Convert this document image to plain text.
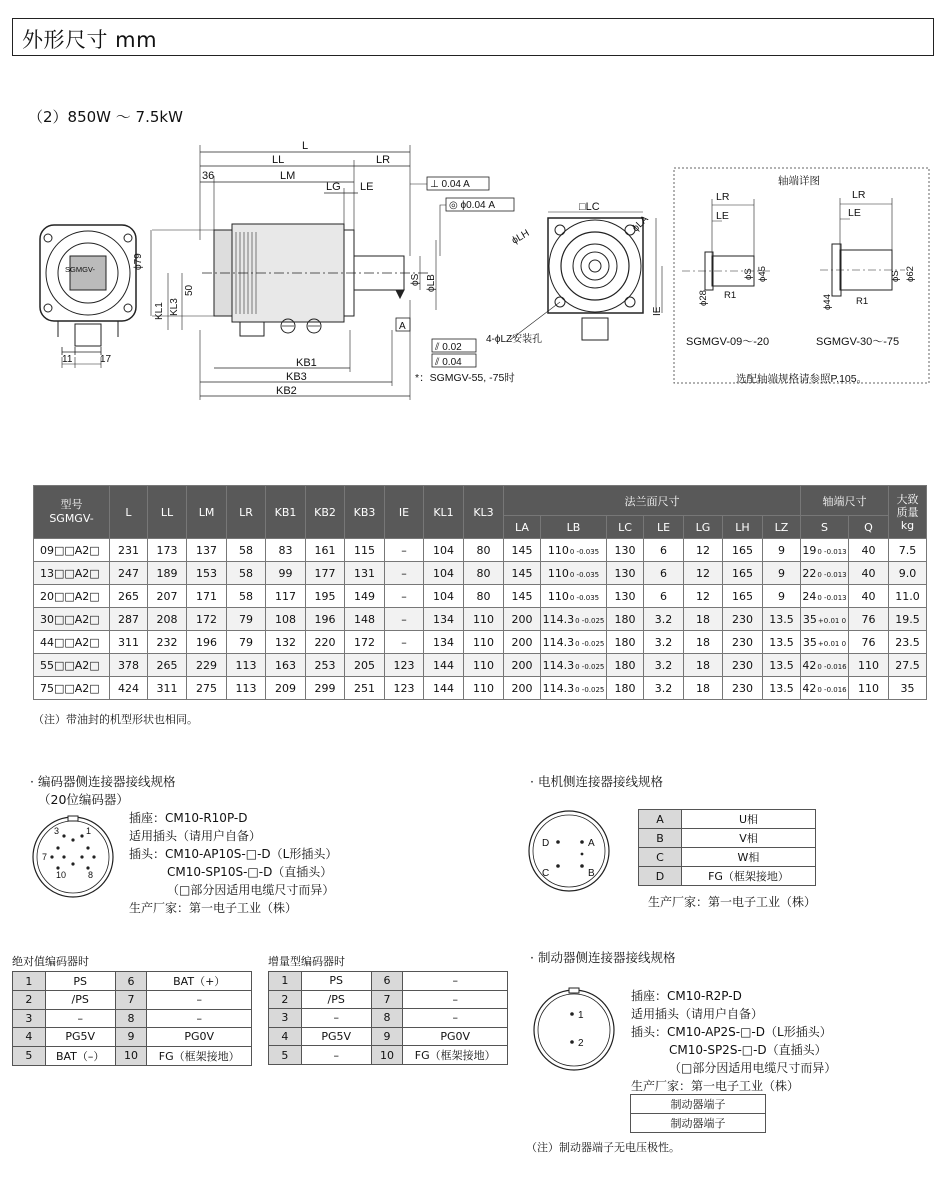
外形尺寸 mm
（2）850W ～ 7.5kW
L
LL	LR
36	LM
LG LE	⊥ 0.04 A
◎ ϕ0.04 A
ϕ79
50
KL3
KL1
11	17
ϕS ϕLB
A
KB1
KB3
KB2
□LC
ϕLA
ϕLH
IE
4-ϕLZ安装孔
⫽ 0.02
⫽ 0.04
*：SGMGV-55, -75时
轴端详图
LR
LE
ϕS ϕ45
ϕ28 R1
LR
LE
ϕS ϕ62
ϕ44 R1
SGMGV-09～-20	SGMGV-30～-75
选配轴端规格请参照P.105。
SGMGV-
型号
SGMGV-	L	LL	LM	LR	KB1	KB2	KB3	IE	KL1	KL3	法兰面尺寸							轴端尺寸		大致
质量
kg
											LA	LB	LC	LE	LG	LH	LZ	S	Q	
09□□A2□	231	173	137	58	83	161	115	–	104	80	145	1100 -0.035	130	6	12	165	9	190 -0.013	40	7.5
13□□A2□	247	189	153	58	99	177	131	–	104	80	145	1100 -0.035	130	6	12	165	9	220 -0.013	40	9.0
20□□A2□	265	207	171	58	117	195	149	–	104	80	145	1100 -0.035	130	6	12	165	9	240 -0.013	40	11.0
30□□A2□	287	208	172	79	108	196	148	–	134	110	200	114.30 -0.025	180	3.2	18	230	13.5	35+0.01 0	76	19.5
44□□A2□	311	232	196	79	132	220	172	–	134	110	200	114.30 -0.025	180	3.2	18	230	13.5	35+0.01 0	76	23.5
55□□A2□	378	265	229	113	163	253	205	123	144	110	200	114.30 -0.025	180	3.2	18	230	13.5	420 -0.016	110	27.5
75□□A2□	424	311	275	113	209	299	251	123	144	110	200	114.30 -0.025	180	3.2	18	230	13.5	420 -0.016	110	35
（注）带油封的机型形状也相同。
· 编码器侧连接器接线规格
（20位编码器）
3	1
7
10 8
插座：CM10-R10P-D
适用插头（请用户自备）
插头：CM10-AP10S-□-D（L形插头）
CM10-SP10S-□-D（直插头）
（□部分因适用电缆尺寸而异）
生产厂家：第一电子工业（株）
· 电机侧连接器接线规格
D	A
C	B
A	U相
B	V相
C	W相
D	FG（框架接地）
生产厂家：第一电子工业（株）
绝对值编码器时
1	PS	6	BAT（+）
2	/PS	7	–
3	–	8	–
4	PG5V	9	PG0V
5	BAT（–）	10	FG（框架接地）
增量型编码器时
1	PS	6	–
2	/PS	7	–
3	–	8	–
4	PG5V	9	PG0V
5	–	10	FG（框架接地）
· 制动器侧连接器接线规格
1
2
插座：CM10-R2P-D
适用插头（请用户自备）
插头：CM10-AP2S-□-D（L形插头）
CM10-SP2S-□-D（直插头）
（□部分因适用电缆尺寸而异）
生产厂家：第一电子工业（株）
制动器端子
制动器端子
（注）制动器端子无电压极性。
